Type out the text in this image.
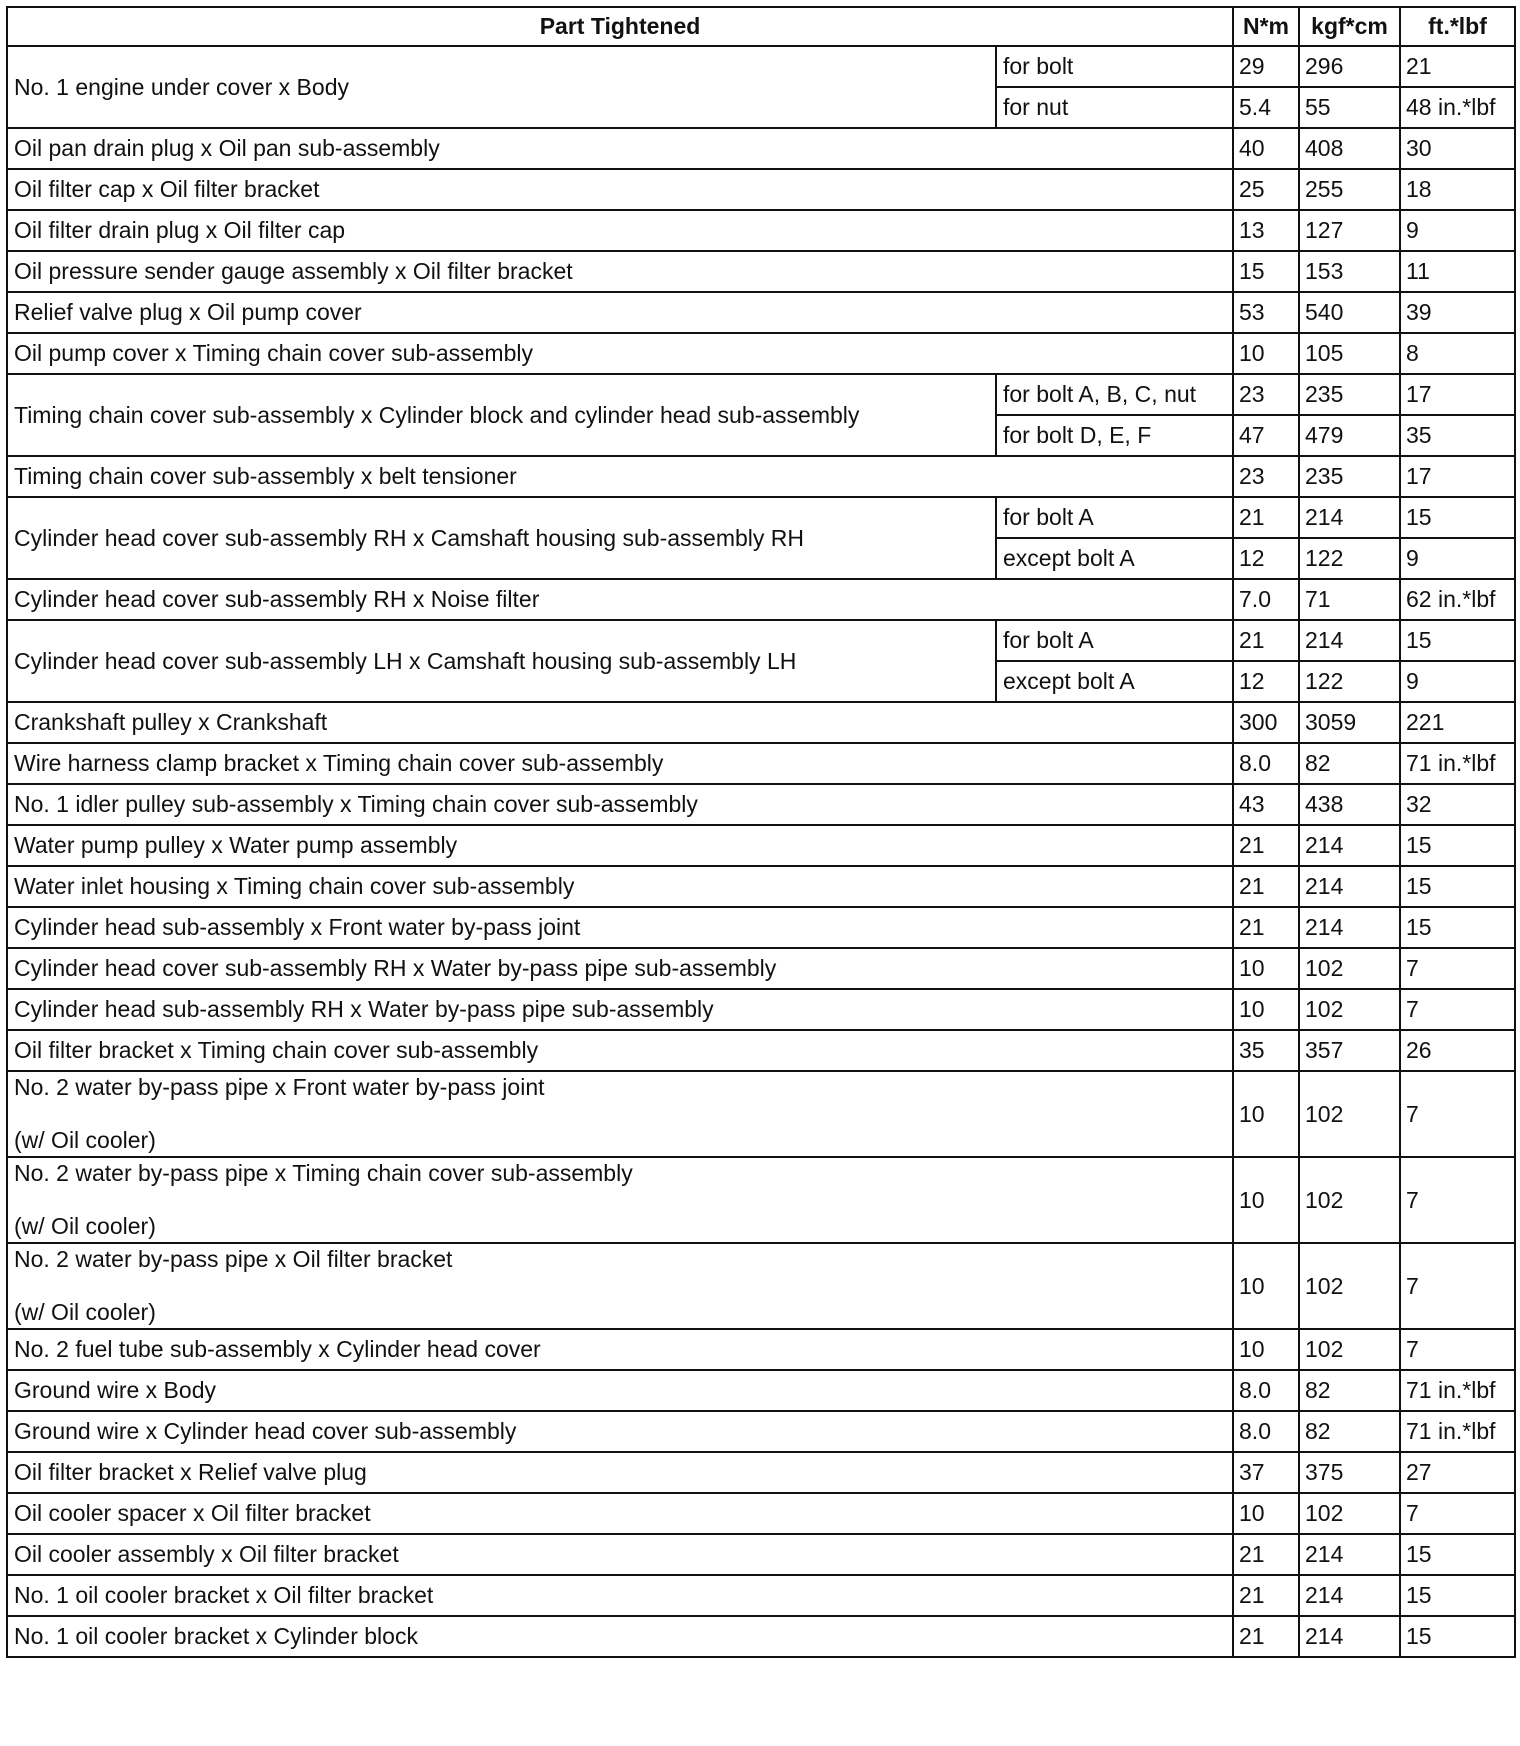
Part Tightened		N*m	kgf*cm	ft.*lbf
No. 1 engine under cover x Body	for bolt	29	296	21
	for nut	5.4	55	48 in.*lbf
Oil pan drain plug x Oil pan sub-assembly		40	408	30
Oil filter cap x Oil filter bracket		25	255	18
Oil filter drain plug x Oil filter cap		13	127	9
Oil pressure sender gauge assembly x Oil filter bracket		15	153	11
Relief valve plug x Oil pump cover		53	540	39
Oil pump cover x Timing chain cover sub-assembly		10	105	8
Timing chain cover sub-assembly x Cylinder block and cylinder head sub-assembly	for bolt A, B, C, nut	23	235	17
	for bolt D, E, F	47	479	35
Timing chain cover sub-assembly x belt tensioner		23	235	17
Cylinder head cover sub-assembly RH x Camshaft housing sub-assembly RH	for bolt A	21	214	15
	except bolt A	12	122	9
Cylinder head cover sub-assembly RH x Noise filter		7.0	71	62 in.*lbf
Cylinder head cover sub-assembly LH x Camshaft housing sub-assembly LH	for bolt A	21	214	15
	except bolt A	12	122	9
Crankshaft pulley x Crankshaft		300	3059	221
Wire harness clamp bracket x Timing chain cover sub-assembly		8.0	82	71 in.*lbf
No. 1 idler pulley sub-assembly x Timing chain cover sub-assembly		43	438	32
Water pump pulley x Water pump assembly		21	214	15
Water inlet housing x Timing chain cover sub-assembly		21	214	15
Cylinder head sub-assembly x Front water by-pass joint		21	214	15
Cylinder head cover sub-assembly RH x Water by-pass pipe sub-assembly		10	102	7
Cylinder head sub-assembly RH x Water by-pass pipe sub-assembly		10	102	7
Oil filter bracket x Timing chain cover sub-assembly		35	357	26
No. 2 water by-pass pipe x Front water by-pass joint
(w/ Oil cooler)		10	102	7
No. 2 water by-pass pipe x Timing chain cover sub-assembly
(w/ Oil cooler)		10	102	7
No. 2 water by-pass pipe x Oil filter bracket
(w/ Oil cooler)		10	102	7
No. 2 fuel tube sub-assembly x Cylinder head cover		10	102	7
Ground wire x Body		8.0	82	71 in.*lbf
Ground wire x Cylinder head cover sub-assembly		8.0	82	71 in.*lbf
Oil filter bracket x Relief valve plug		37	375	27
Oil cooler spacer x Oil filter bracket		10	102	7
Oil cooler assembly x Oil filter bracket		21	214	15
No. 1 oil cooler bracket x Oil filter bracket		21	214	15
No. 1 oil cooler bracket x Cylinder block		21	214	15
